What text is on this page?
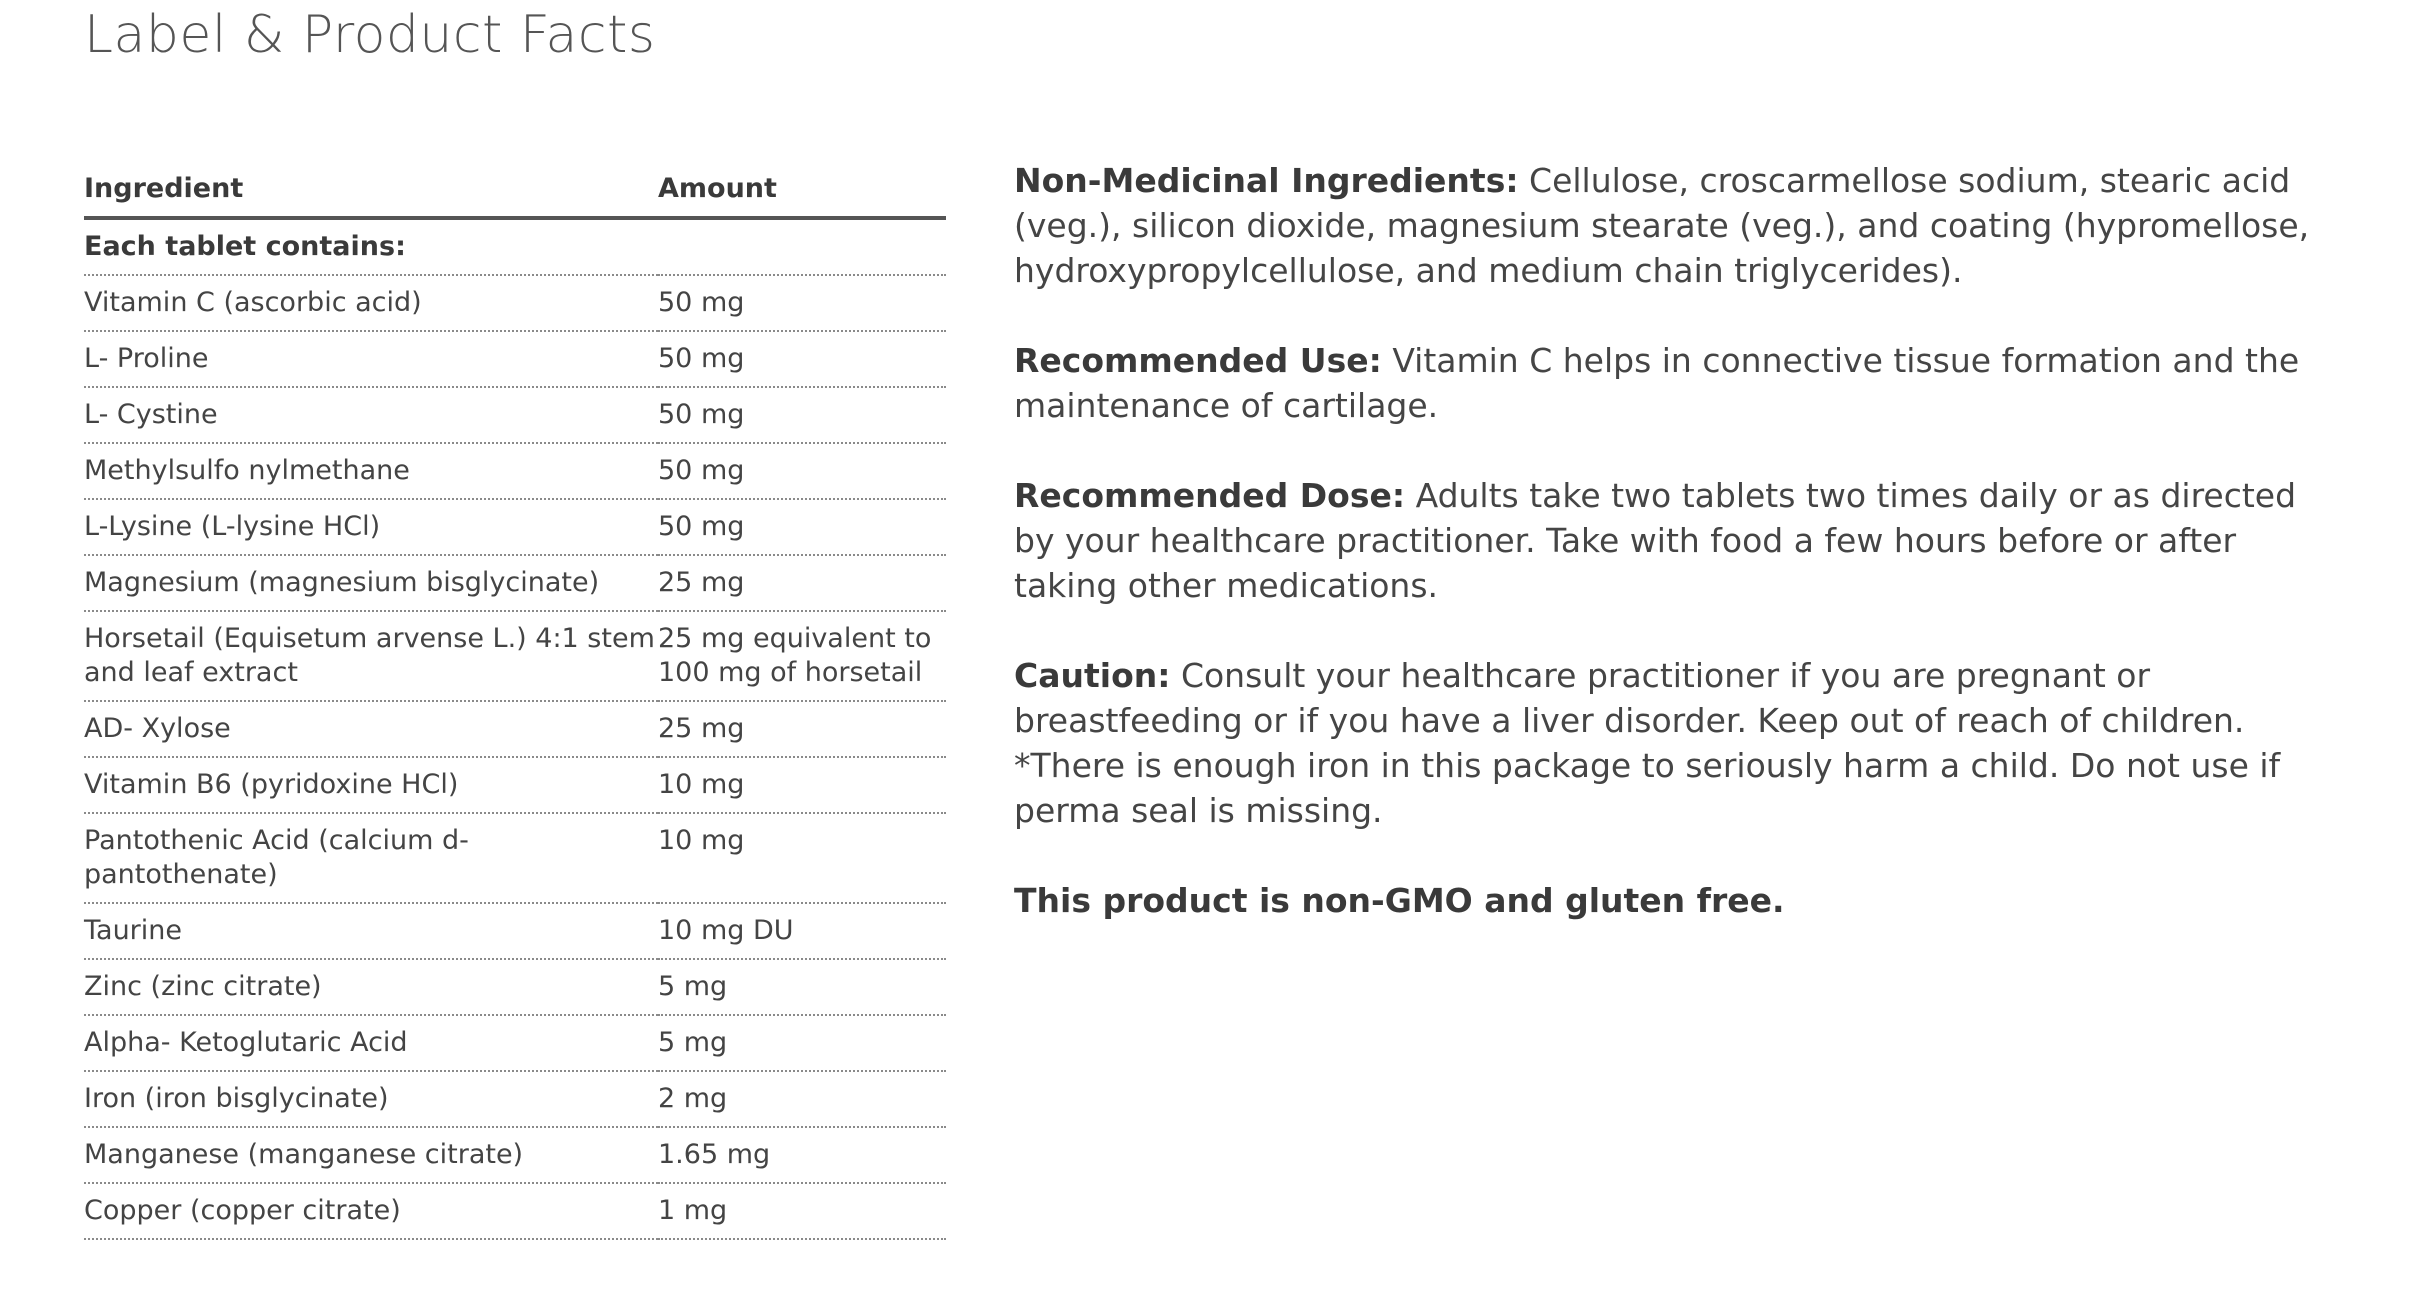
Label & Product Facts
Ingredient	Amount
Each tablet contains:	
Vitamin C (ascorbic acid)	50 mg
L- Proline	50 mg
L- Cystine	50 mg
Methylsulfo nylmethane	50 mg
L-Lysine (L-lysine HCl)	50 mg
Magnesium (magnesium bisglycinate)	25 mg
Horsetail (Equisetum arvense L.) 4:1 stem and leaf extract	25 mg equivalent to 100 mg of horsetail
AD- Xylose	25 mg
Vitamin B6 (pyridoxine HCl)	10 mg
Pantothenic Acid (calcium d-pantothenate)	10 mg
Taurine	10 mg DU
Zinc (zinc citrate)	5 mg
Alpha- Ketoglutaric Acid	5 mg
Iron (iron bisglycinate)	2 mg
Manganese (manganese citrate)	1.65 mg
Copper (copper citrate)	1 mg

Non-Medicinal Ingredients: Cellulose, croscarmellose sodium, stearic acid (veg.), silicon dioxide, magnesium stearate (veg.), and coating (hypromellose, hydroxypropylcellulose, and medium chain triglycerides).

Recommended Use: Vitamin C helps in connective tissue formation and the maintenance of cartilage.

Recommended Dose: Adults take two tablets two times daily or as directed by your healthcare practitioner. Take with food a few hours before or after taking other medications.

Caution: Consult your healthcare practitioner if you are pregnant or breastfeeding or if you have a liver disorder. Keep out of reach of children.

*There is enough iron in this package to seriously harm a child. Do not use if perma seal is missing.

This product is non-GMO and gluten free.
